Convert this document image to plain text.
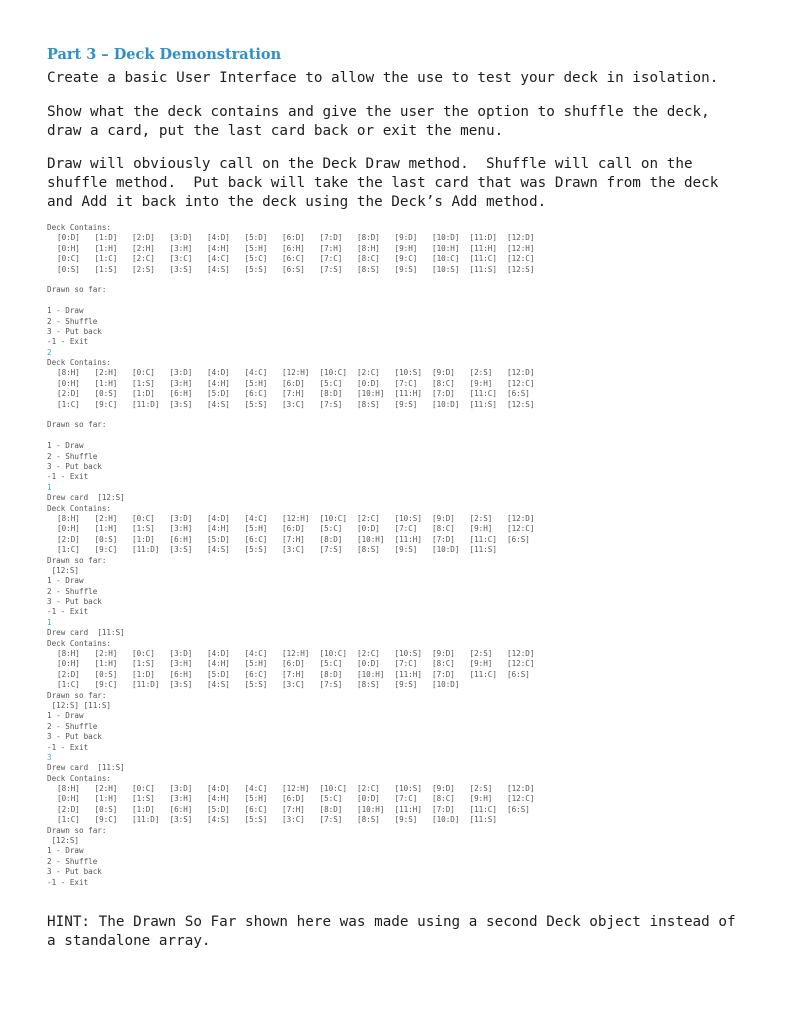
Part 3 – Deck Demonstration
Create a basic User Interface to allow the use to test your deck in isolation.
Show what the deck contains and give the user the option to shuffle the deck,
draw a card, put the last card back or exit the menu.
Draw will obviously call on the Deck Draw method.  Shuffle will call on the
shuffle method.  Put back will take the last card that was Drawn from the deck
and Add it back into the deck using the Deck’s Add method.
Deck Contains:
[0:D]	[1:D]	[2:D]	[3:D]	[4:D]	[5:D]	[6:D]	[7:D]	[8:D]	[9:D]	[10:D]	[11:D]	[12:D]
[0:H]	[1:H]	[2:H]	[3:H]	[4:H]	[5:H]	[6:H]	[7:H]	[8:H]	[9:H]	[10:H]	[11:H]	[12:H]
[0:C]	[1:C]	[2:C]	[3:C]	[4:C]	[5:C]	[6:C]	[7:C]	[8:C]	[9:C]	[10:C]	[11:C]	[12:C]
[0:S]	[1:S]	[2:S]	[3:S]	[4:S]	[5:S]	[6:S]	[7:S]	[8:S]	[9:S]	[10:S]	[11:S]	[12:S]
Drawn so far:
1 - Draw
2 - Shuffle
3 - Put back
-1 - Exit
2
Deck Contains:
[8:H]	[2:H]	[0:C]	[3:D]	[4:D]	[4:C]	[12:H]	[10:C]	[2:C]	[10:S]	[9:D]	[2:S]	[12:D]
[0:H]	[1:H]	[1:S]	[3:H]	[4:H]	[5:H]	[6:D]	[5:C]	[0:D]	[7:C]	[8:C]	[9:H]	[12:C]
[2:D]	[0:S]	[1:D]	[6:H]	[5:D]	[6:C]	[7:H]	[8:D]	[10:H]	[11:H]	[7:D]	[11:C]	[6:S]
[1:C]	[9:C]	[11:D]	[3:S]	[4:S]	[5:S]	[3:C]	[7:S]	[8:S]	[9:S]	[10:D]	[11:S]	[12:S]
Drawn so far:
1 - Draw
2 - Shuffle
3 - Put back
-1 - Exit
1
Drew card  [12:S]
Deck Contains:
[8:H]	[2:H]	[0:C]	[3:D]	[4:D]	[4:C]	[12:H]	[10:C]	[2:C]	[10:S]	[9:D]	[2:S]	[12:D]
[0:H]	[1:H]	[1:S]	[3:H]	[4:H]	[5:H]	[6:D]	[5:C]	[0:D]	[7:C]	[8:C]	[9:H]	[12:C]
[2:D]	[0:S]	[1:D]	[6:H]	[5:D]	[6:C]	[7:H]	[8:D]	[10:H]	[11:H]	[7:D]	[11:C]	[6:S]
[1:C]	[9:C]	[11:D]	[3:S]	[4:S]	[5:S]	[3:C]	[7:S]	[8:S]	[9:S]	[10:D]	[11:S]
Drawn so far:
[12:S]
1 - Draw
2 - Shuffle
3 - Put back
-1 - Exit
1
Drew card  [11:S]
Deck Contains:
[8:H]	[2:H]	[0:C]	[3:D]	[4:D]	[4:C]	[12:H]	[10:C]	[2:C]	[10:S]	[9:D]	[2:S]	[12:D]
[0:H]	[1:H]	[1:S]	[3:H]	[4:H]	[5:H]	[6:D]	[5:C]	[0:D]	[7:C]	[8:C]	[9:H]	[12:C]
[2:D]	[0:S]	[1:D]	[6:H]	[5:D]	[6:C]	[7:H]	[8:D]	[10:H]	[11:H]	[7:D]	[11:C]	[6:S]
[1:C]	[9:C]	[11:D]	[3:S]	[4:S]	[5:S]	[3:C]	[7:S]	[8:S]	[9:S]	[10:D]
Drawn so far:
[12:S] [11:S]
1 - Draw
2 - Shuffle
3 - Put back
-1 - Exit
3
Drew card  [11:S]
Deck Contains:
[8:H]	[2:H]	[0:C]	[3:D]	[4:D]	[4:C]	[12:H]	[10:C]	[2:C]	[10:S]	[9:D]	[2:S]	[12:D]
[0:H]	[1:H]	[1:S]	[3:H]	[4:H]	[5:H]	[6:D]	[5:C]	[0:D]	[7:C]	[8:C]	[9:H]	[12:C]
[2:D]	[0:S]	[1:D]	[6:H]	[5:D]	[6:C]	[7:H]	[8:D]	[10:H]	[11:H]	[7:D]	[11:C]	[6:S]
[1:C]	[9:C]	[11:D]	[3:S]	[4:S]	[5:S]	[3:C]	[7:S]	[8:S]	[9:S]	[10:D]	[11:S]
Drawn so far:
[12:S]
1 - Draw
2 - Shuffle
3 - Put back
-1 - Exit
HINT: The Drawn So Far shown here was made using a second Deck object instead of
a standalone array.
